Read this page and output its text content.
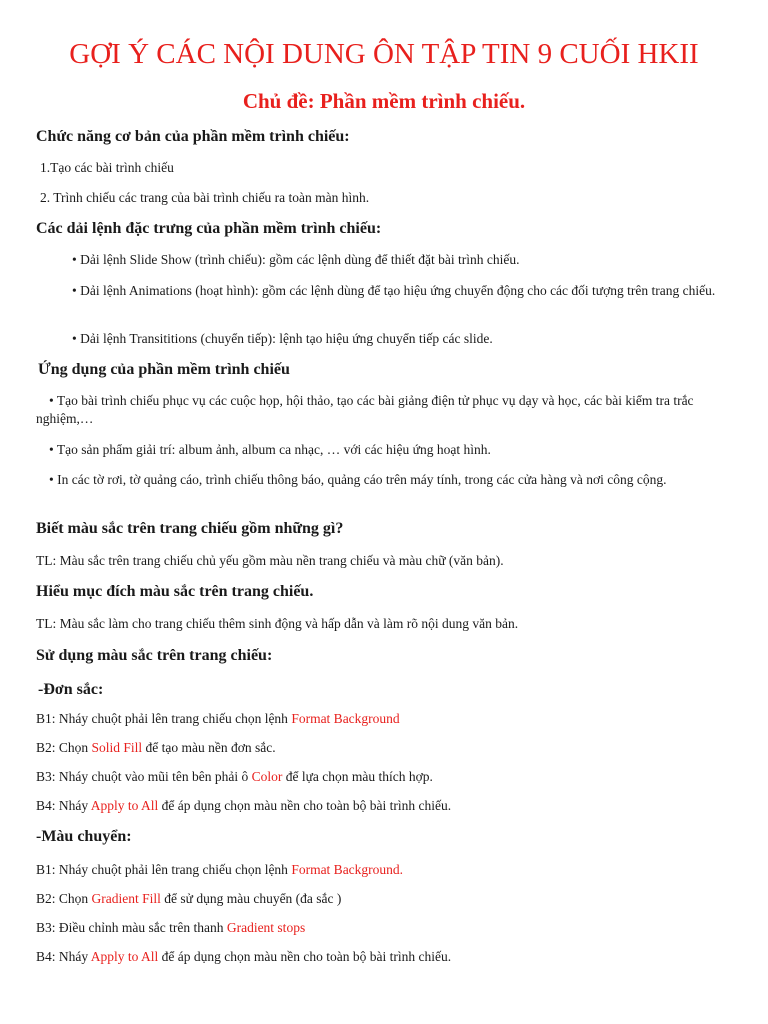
GỢI Ý CÁC NỘI DUNG ÔN TẬP TIN 9 CUỐI HKII
Chủ đề: Phần mềm trình chiếu.
Chức năng cơ bản của phần mềm trình chiếu:
1.Tạo các bài trình chiếu
2. Trình chiếu các trang của bài trình chiếu ra toàn màn hình.
Các dải lệnh đặc trưng của phần mềm trình chiếu:
• Dải lệnh Slide Show (trình chiếu): gồm các lệnh dùng để thiết đặt bài trình chiếu.
• Dải lệnh Animations (hoạt hình): gồm các lệnh dùng để tạo hiệu ứng chuyển động cho các đối tượng trên trang chiếu.
• Dải lệnh Transititions (chuyển tiếp): lệnh tạo hiệu ứng chuyển tiếp các slide.
Ứng dụng của phần mềm trình chiếu
• Tạo bài trình chiếu phục vụ các cuộc họp, hội thảo, tạo các bài giảng điện tử phục vụ dạy và học, các bài kiểm tra trắc nghiệm,…
• Tạo sản phẩm giải trí: album ảnh, album ca nhạc, … với các hiệu ứng hoạt hình.
• In các tờ rơi, tờ quảng cáo, trình chiếu thông báo, quảng cáo trên máy tính, trong các cửa hàng và nơi công cộng.
Biết màu sắc trên trang chiếu gồm những gì?
TL: Màu sắc trên trang chiếu chủ yếu gồm màu nền trang chiếu và màu chữ (văn bản).
Hiểu mục đích màu sắc trên trang chiếu.
TL: Màu sắc làm cho trang chiếu thêm sinh động và hấp dẫn và làm rõ nội dung văn bản.
Sử dụng màu sắc trên trang chiếu:
-Đơn sắc:
B1: Nháy chuột phải lên trang chiếu chọn lệnh Format Background
B2: Chọn Solid Fill để tạo màu nền đơn sắc.
B3: Nháy chuột vào mũi tên bên phải ô Color để lựa chọn màu thích hợp.
B4: Nháy Apply to All để áp dụng chọn màu nền cho toàn bộ bài trình chiếu.
-Màu chuyển:
B1: Nháy chuột phải lên trang chiếu chọn lệnh Format Background.
B2: Chọn Gradient Fill để sử dụng màu chuyển (đa sắc )
B3: Điều chỉnh màu sắc trên thanh Gradient stops
B4: Nháy Apply to All để áp dụng chọn màu nền cho toàn bộ bài trình chiếu.
